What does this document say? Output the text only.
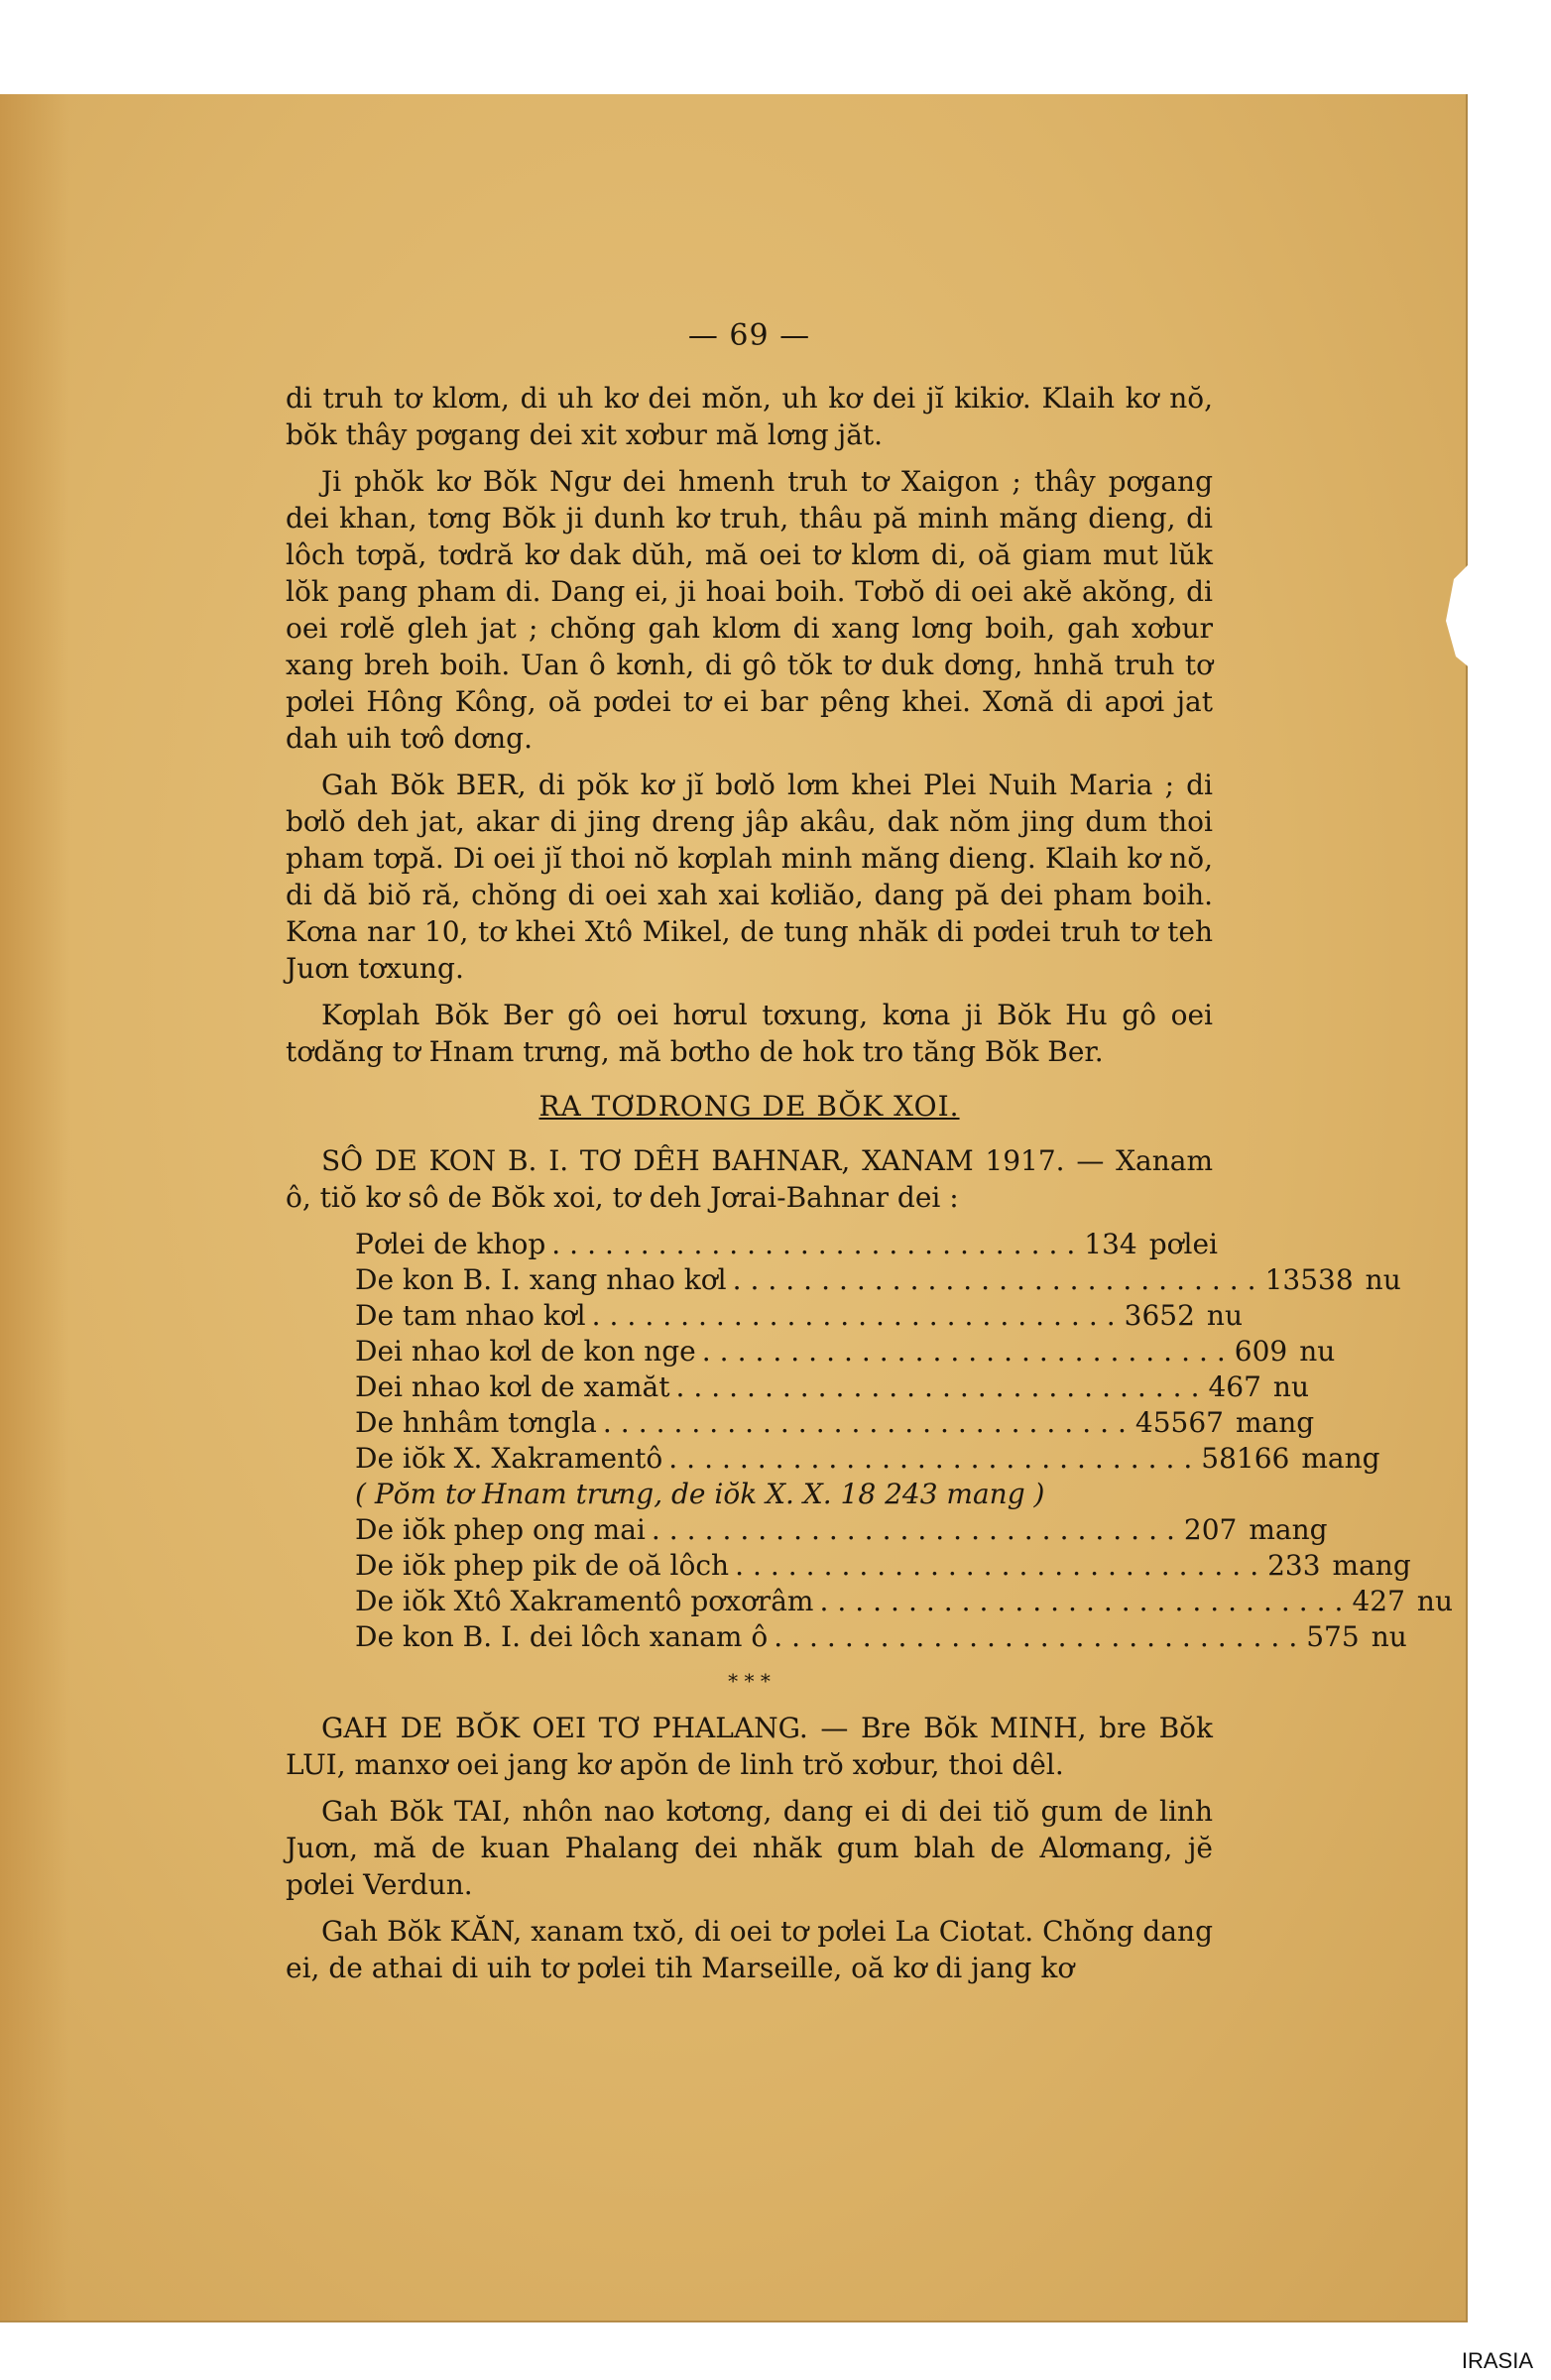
— 69 —

di truh tơ klơm, di uh kơ dei mŏn, uh kơ dei jĭ kikiơ. Klaih kơ nŏ, bŏk thây pơgang dei xit xơbur mă lơng jăt.

Ji phŏk kơ Bŏk Ngư dei hmenh truh tơ Xaigon ; thây pơgang dei khan, tơng Bŏk ji dunh kơ truh, thâu pă minh măng dieng, di lôch tơpă, tơdră kơ dak dŭh, mă oei tơ klơm di, oă giam mut lŭk lŏk pang pham di. Dang ei, ji hoai boih. Tơbŏ di oei akĕ akŏng, di oei rơlĕ gleh jat ; chŏng gah klơm di xang lơng boih, gah xơbur xang breh boih. Uan ô kơnh, di gô tŏk tơ duk dơng, hnhă truh tơ pơlei Hông Kông, oă pơdei tơ ei bar pêng khei. Xơnă di apơi jat dah uih tơô dơng.

Gah Bŏk BER, di pŏk kơ jĭ bơlŏ lơm khei Plei Nuih Maria ; di bơlŏ deh jat, akar di jing dreng jâp akâu, dak nŏm jing dum thoi pham tơpă. Di oei jĭ thoi nŏ kơplah minh măng dieng. Klaih kơ nŏ, di dă biŏ ră, chŏng di oei xah xai kơliăo, dang pă dei pham boih. Kơna nar 10, tơ khei Xtô Mikel, de tung nhăk di pơdei truh tơ teh Juơn tơxung.

Kơplah Bŏk Ber gô oei hơrul tơxung, kơna ji Bŏk Hu gô oei tơdăng tơ Hnam trưng, mă bơtho de hok tro tăng Bŏk Ber.

RA TƠDRONG DE BŎK XOI.

SÔ DE KON B. I. TƠ DÊH BAHNAR, XANAM 1917. — Xanam ô, tiŏ kơ sô de Bŏk xoi, tơ deh Jơrai-Bahnar dei :

Pơlei de khop .............................. 134 pơlei
De kon B. I. xang nhao kơl .............................. 13538 nu
De tam nhao kơl .............................. 3652 nu
Dei nhao kơl de kon nge .............................. 609 nu
Dei nhao kơl de xamăt .............................. 467 nu
De hnhâm tơngla .............................. 45567 mang
De iŏk X. Xakramentô .............................. 58166 mang
( Pŏm tơ Hnam trưng, de iŏk X. X. 18 243 mang )
De iŏk phep ong mai .............................. 207 mang
De iŏk phep pik de oă lôch .............................. 233 mang
De iŏk Xtô Xakramentô pơxơrâm .............................. 427 nu
De kon B. I. dei lôch xanam ô .............................. 575 nu
* * *

GAH DE BŎK OEI TƠ PHALANG. — Bre Bŏk MINH, bre Bŏk LUI, manxơ oei jang kơ apŏn de linh trŏ xơbur, thoi dêl.

Gah Bŏk TAI, nhôn nao kơtơng, dang ei di dei tiŏ gum de linh Juơn, mă de kuan Phalang dei nhăk gum blah de Alơmang, jĕ pơlei Verdun.

Gah Bŏk KĂN, xanam txŏ, di oei tơ pơlei La Ciotat. Chŏng dang ei, de athai di uih tơ pơlei tih Marseille, oă kơ di jang kơ

IRASIA
